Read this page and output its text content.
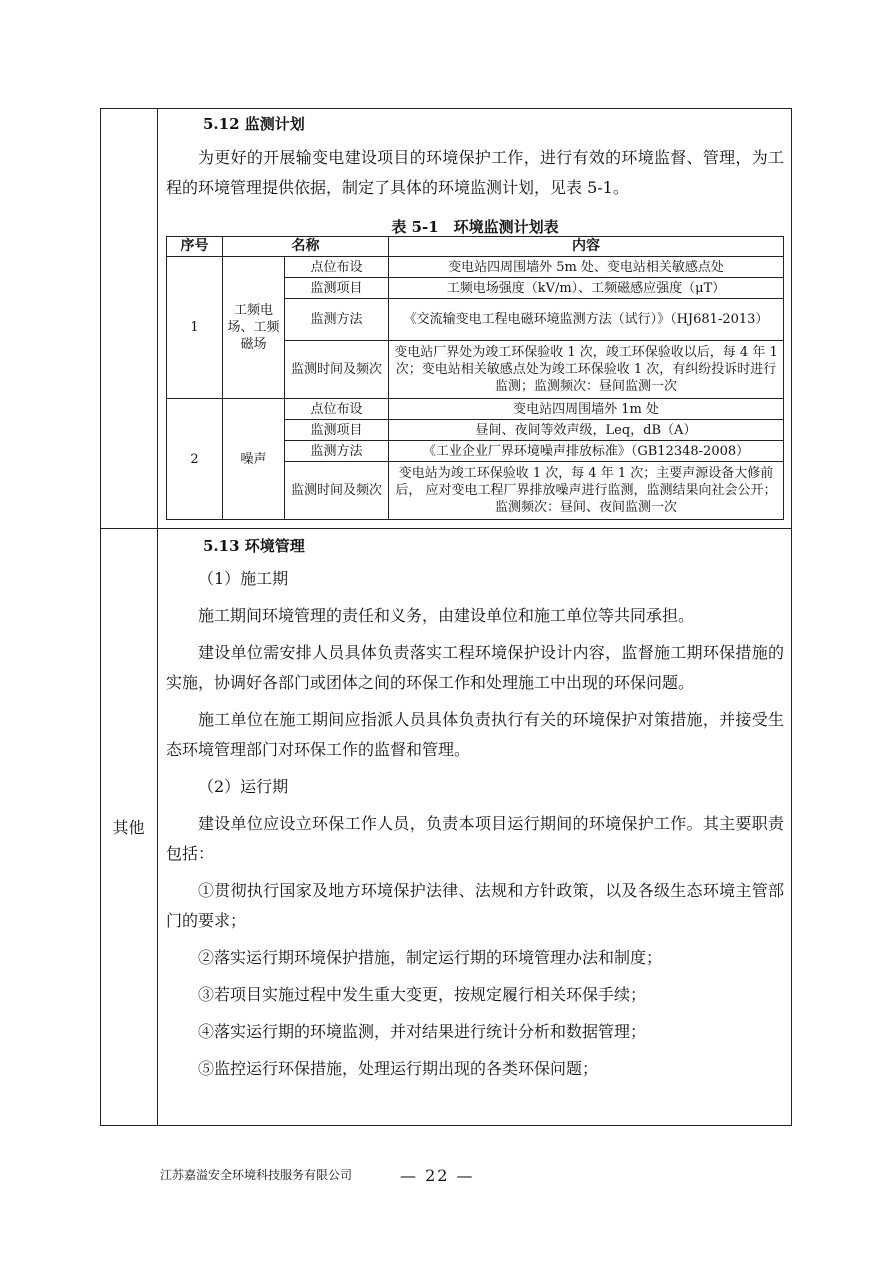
5.12 监测计划

为更好的开展输变电建设项目的环境保护工作，进行有效的环境监督、管理，为工程的环境管理提供依据，制定了具体的环境监测计划，见表 5-1。

表 5-1　环境监测计划表
序号	名称		内容
1	工频电场、工频磁场	点位布设	变电站四周围墙外 5m 处、变电站相关敏感点处
		监测项目	工频电场强度（kV/m）、工频磁感应强度（μT）
		监测方法	《交流输变电工程电磁环境监测方法（试行）》（HJ681-2013）
		监测时间及频次	变电站厂界处为竣工环保验收 1 次，竣工环保验收以后，每 4 年 1 次；变电站相关敏感点处为竣工环保验收 1 次，有纠纷投诉时进行监测；监测频次：昼间监测一次
2	噪声	点位布设	变电站四周围墙外 1m 处
		监测项目	昼间、夜间等效声级，Leq，dB（A）
		监测方法	《工业企业厂界环境噪声排放标准》（GB12348-2008）
		监测时间及频次	变电站为竣工环保验收 1 次，每 4 年 1 次；主要声源设备大修前后， 应对变电工程厂界排放噪声进行监测，监测结果向社会公开；监测频次：昼间、夜间监测一次
其他
5.13 环境管理

（1）施工期

施工期间环境管理的责任和义务，由建设单位和施工单位等共同承担。

建设单位需安排人员具体负责落实工程环境保护设计内容，监督施工期环保措施的实施，协调好各部门或团体之间的环保工作和处理施工中出现的环保问题。

施工单位在施工期间应指派人员具体负责执行有关的环境保护对策措施，并接受生态环境管理部门对环保工作的监督和管理。

（2）运行期

建设单位应设立环保工作人员，负责本项目运行期间的环境保护工作。其主要职责包括：

①贯彻执行国家及地方环境保护法律、法规和方针政策，以及各级生态环境主管部门的要求；

②落实运行期环境保护措施，制定运行期的环境管理办法和制度；

③若项目实施过程中发生重大变更，按规定履行相关环保手续；

④落实运行期的环境监测，并对结果进行统计分析和数据管理；

⑤监控运行环保措施，处理运行期出现的各类环保问题；

江苏嘉溢安全环境科技服务有限公司	— 22 —
